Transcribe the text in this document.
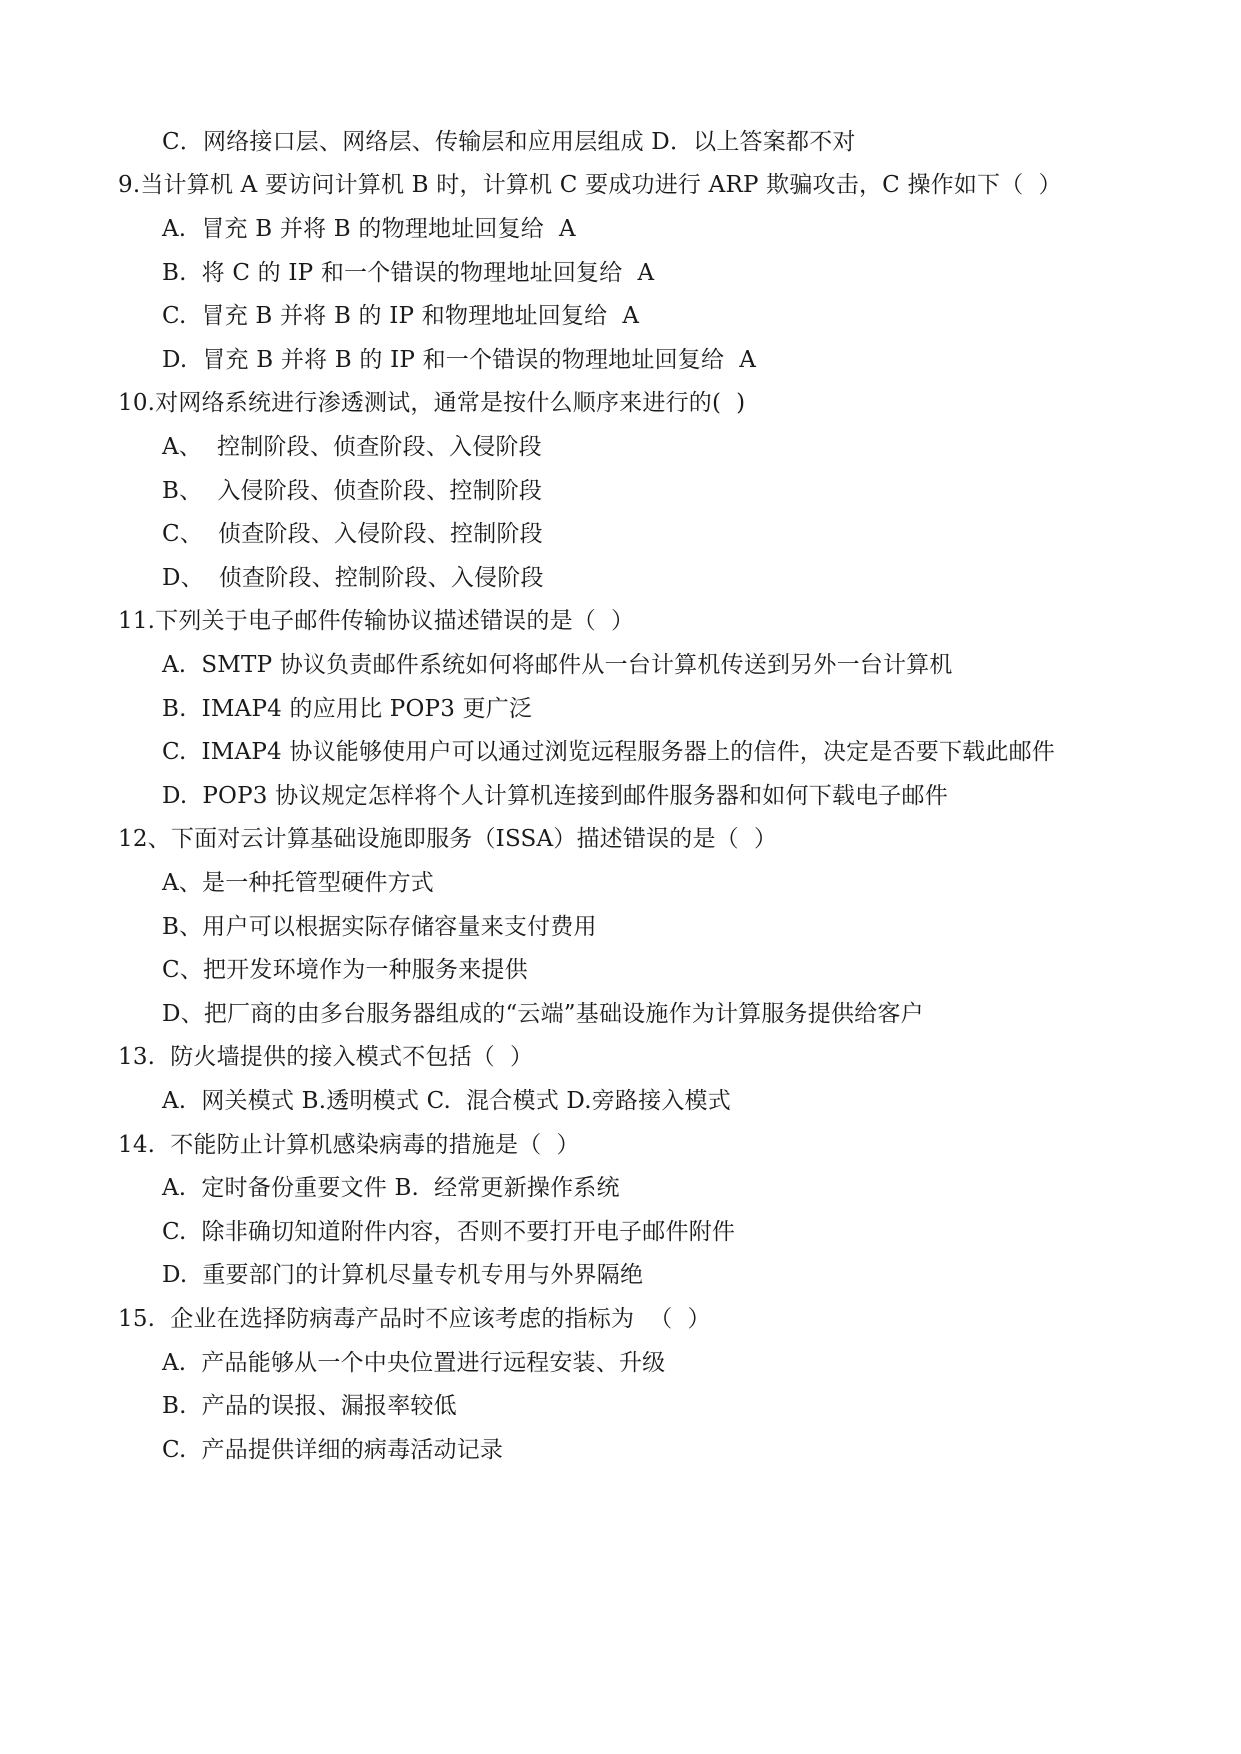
C．网络接口层、网络层、传输层和应用层组成 D．以上答案都不对
9.当计算机 A 要访问计算机 B 时，计算机 C 要成功进行 ARP 欺骗攻击，C 操作如下（  ）
A.  冒充 B 并将 B 的物理地址回复给  A
B.  将 C 的 IP 和一个错误的物理地址回复给  A
C.  冒充 B 并将 B 的 IP 和物理地址回复给  A
D.  冒充 B 并将 B 的 IP 和一个错误的物理地址回复给  A
10.对网络系统进行渗透测试，通常是按什么顺序来进行的(  )
A、  控制阶段、侦查阶段、入侵阶段
B、  入侵阶段、侦查阶段、控制阶段
C、  侦查阶段、入侵阶段、控制阶段
D、  侦查阶段、控制阶段、入侵阶段
11.下列关于电子邮件传输协议描述错误的是（  ）
A.  SMTP 协议负责邮件系统如何将邮件从一台计算机传送到另外一台计算机
B.  IMAP4 的应用比 POP3 更广泛
C.  IMAP4 协议能够使用户可以通过浏览远程服务器上的信件，决定是否要下载此邮件
D.  POP3 协议规定怎样将个人计算机连接到邮件服务器和如何下载电子邮件
12、下面对云计算基础设施即服务（ISSA）描述错误的是（  ）
A、是一种托管型硬件方式
B、用户可以根据实际存储容量来支付费用
C、把开发环境作为一种服务来提供
D、把厂商的由多台服务器组成的“云端”基础设施作为计算服务提供给客户
13.  防火墙提供的接入模式不包括（  ）
A.  网关模式 B.透明模式 C.  混合模式 D.旁路接入模式
14.  不能防止计算机感染病毒的措施是（  ）
A.  定时备份重要文件 B.  经常更新操作系统
C.  除非确切知道附件内容，否则不要打开电子邮件附件
D.  重要部门的计算机尽量专机专用与外界隔绝
15.  企业在选择防病毒产品时不应该考虑的指标为  （  ）
A.  产品能够从一个中央位置进行远程安装、升级
B.  产品的误报、漏报率较低
C.  产品提供详细的病毒活动记录
